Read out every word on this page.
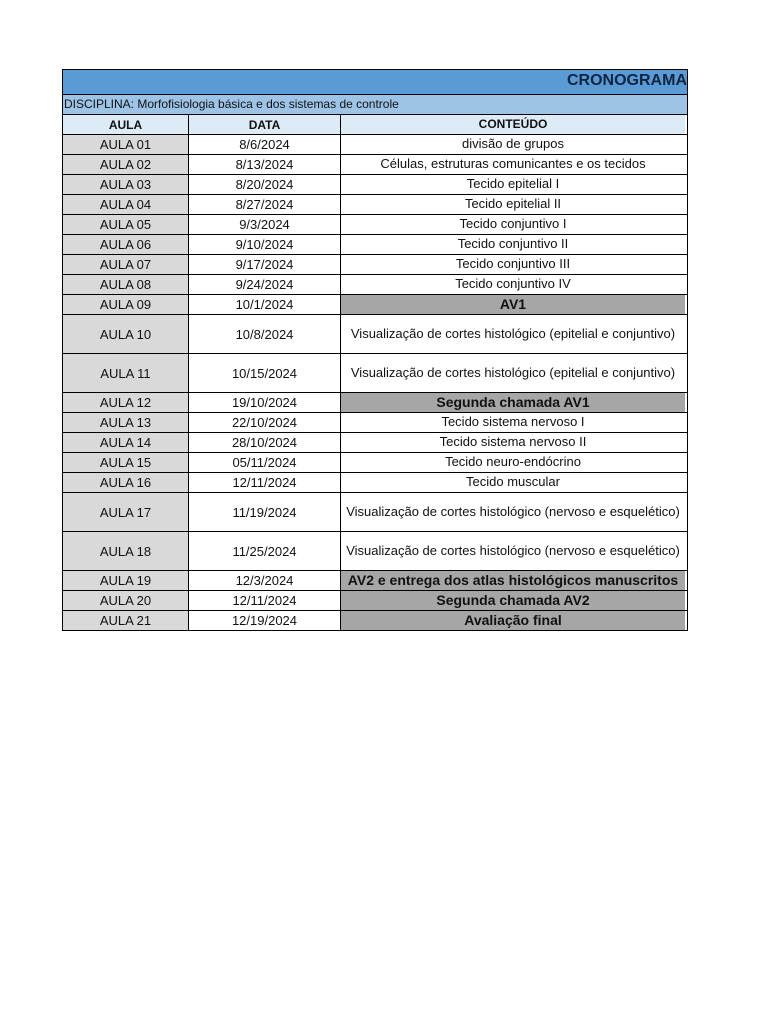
CRONOGRAMA
DISCIPLINA: Morfofisiologia básica e dos sistemas de controle
AULA	DATA	CONTEÚDO
AULA 01	8/6/2024	divisão de grupos
AULA 02	8/13/2024	Células, estruturas comunicantes e os tecidos
AULA 03	8/20/2024	Tecido epitelial I
AULA 04	8/27/2024	Tecido epitelial II
AULA 05	9/3/2024	Tecido conjuntivo I
AULA 06	9/10/2024	Tecido conjuntivo II
AULA 07	9/17/2024	Tecido conjuntivo III
AULA 08	9/24/2024	Tecido conjuntivo IV
AULA 09	10/1/2024	AV1
AULA 10	10/8/2024	Visualização de cortes histológico (epitelial e conjuntivo)
AULA 11	10/15/2024	Visualização de cortes histológico (epitelial e conjuntivo)
AULA 12	19/10/2024	Segunda chamada AV1
AULA 13	22/10/2024	Tecido sistema nervoso I
AULA 14	28/10/2024	Tecido sistema nervoso II
AULA 15	05/11/2024	Tecido neuro-endócrino
AULA 16	12/11/2024	Tecido muscular
AULA 17	11/19/2024	Visualização de cortes histológico (nervoso e esquelético)
AULA 18	11/25/2024	Visualização de cortes histológico (nervoso e esquelético)
AULA 19	12/3/2024	AV2 e entrega dos atlas histológicos manuscritos
AULA 20	12/11/2024	Segunda chamada AV2
AULA 21	12/19/2024	Avaliação final
